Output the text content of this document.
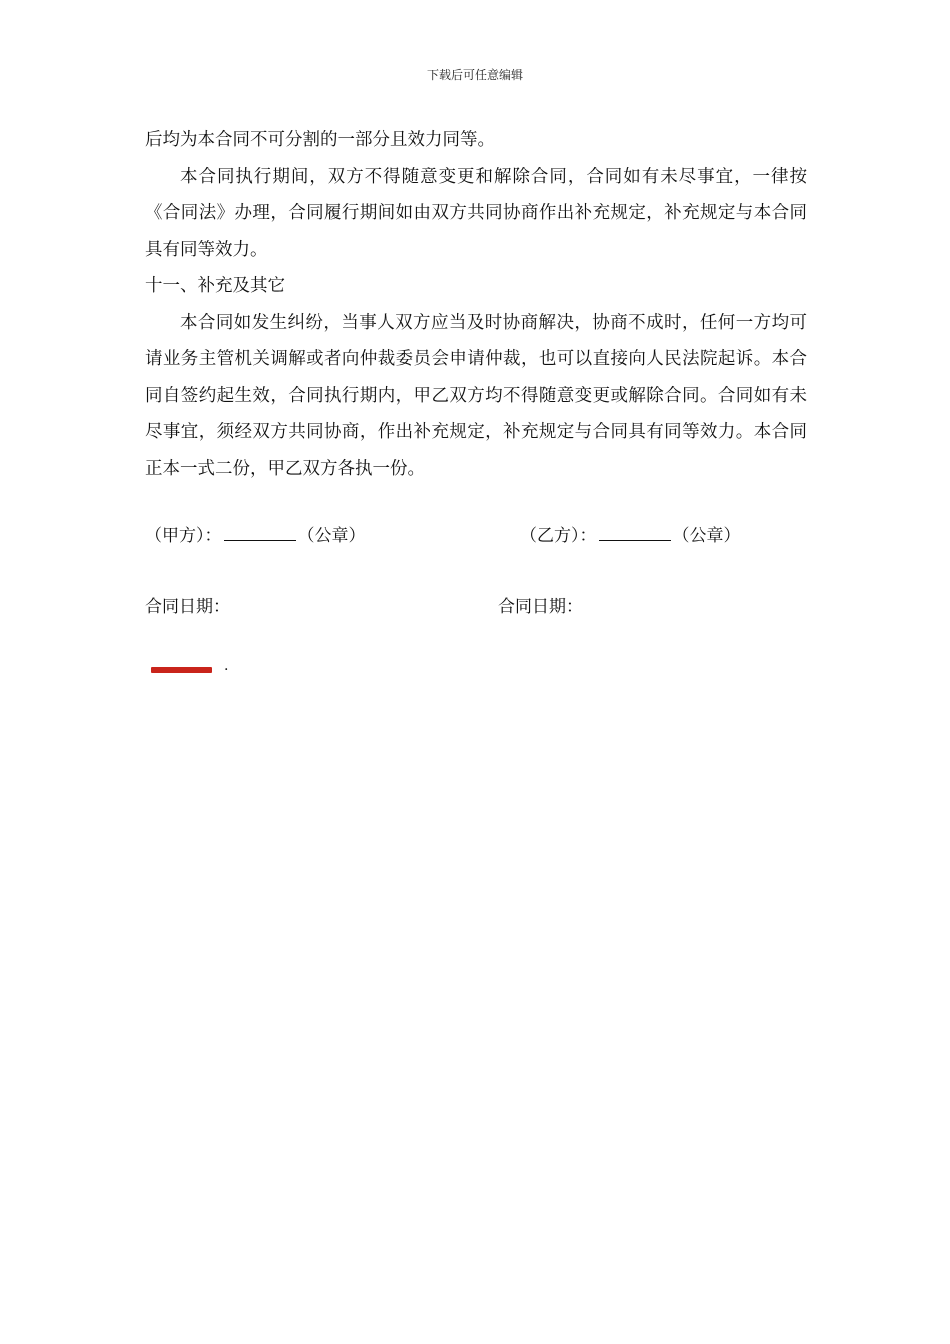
下载后可任意编辑

后均为本合同不可分割的一部分且效力同等。

本合同执行期间，双方不得随意变更和解除合同，合同如有未尽事宜，一律按《合同法》办理，合同履行期间如由双方共同协商作出补充规定，补充规定与本合同具有同等效力。

十一、补充及其它

本合同如发生纠纷，当事人双方应当及时协商解决，协商不成时，任何一方均可请业务主管机关调解或者向仲裁委员会申请仲裁，也可以直接向人民法院起诉。本合同自签约起生效，合同执行期内，甲乙双方均不得随意变更或解除合同。合同如有未尽事宜，须经双方共同协商，作出补充规定，补充规定与合同具有同等效力。本合同正本一式二份，甲乙双方各执一份。

（甲方）：	（公章）	（乙方）：	（公章）
合同日期：	合同日期：
.
